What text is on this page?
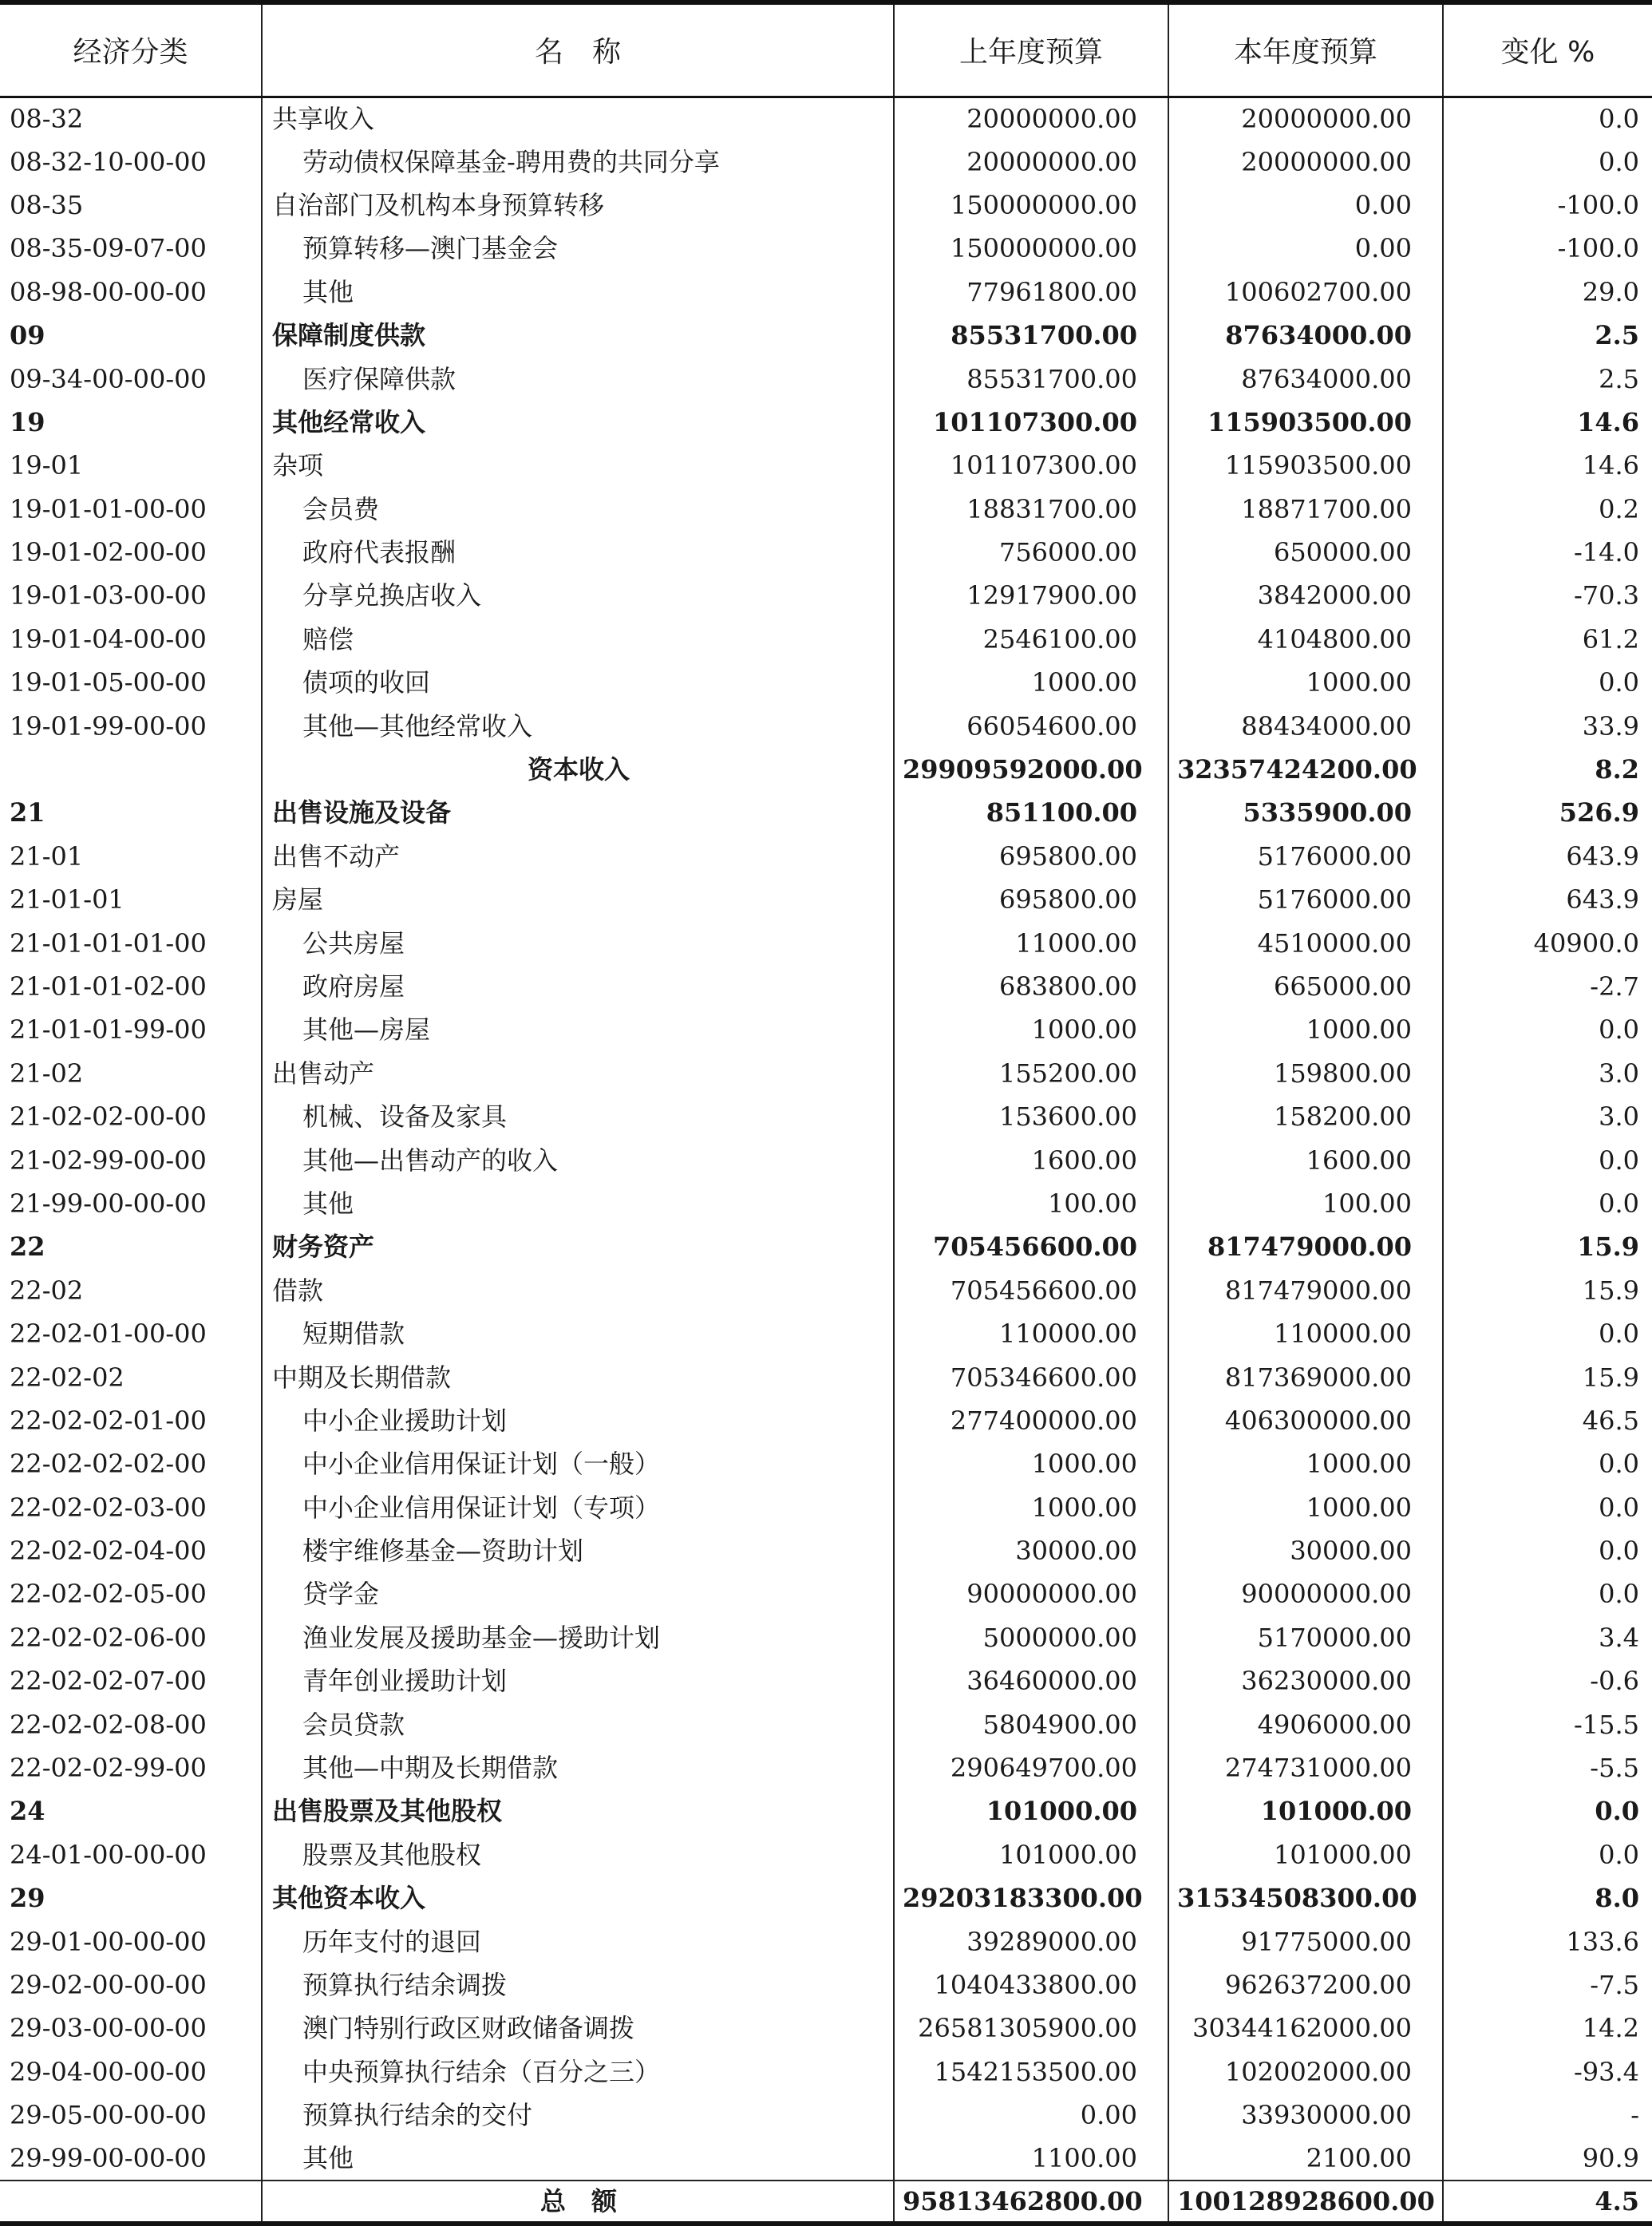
经济分类	名　称	上年度预算	本年度预算	变化 %
08-32	共享收入	20000000.00	20000000.00	0.0
08-32-10-00-00	劳动债权保障基金-聘用费的共同分享	20000000.00	20000000.00	0.0
08-35	自治部门及机构本身预算转移	150000000.00	0.00	-100.0
08-35-09-07-00	预算转移—澳门基金会	150000000.00	0.00	-100.0
08-98-00-00-00	其他	77961800.00	100602700.00	29.0
09	保障制度供款	85531700.00	87634000.00	2.5
09-34-00-00-00	医疗保障供款	85531700.00	87634000.00	2.5
19	其他经常收入	101107300.00	115903500.00	14.6
19-01	杂项	101107300.00	115903500.00	14.6
19-01-01-00-00	会员费	18831700.00	18871700.00	0.2
19-01-02-00-00	政府代表报酬	756000.00	650000.00	-14.0
19-01-03-00-00	分享兑换店收入	12917900.00	3842000.00	-70.3
19-01-04-00-00	赔偿	2546100.00	4104800.00	61.2
19-01-05-00-00	债项的收回	1000.00	1000.00	0.0
19-01-99-00-00	其他—其他经常收入	66054600.00	88434000.00	33.9
	资本收入	29909592000.00	32357424200.00	8.2
21	出售设施及设备	851100.00	5335900.00	526.9
21-01	出售不动产	695800.00	5176000.00	643.9
21-01-01	房屋	695800.00	5176000.00	643.9
21-01-01-01-00	公共房屋	11000.00	4510000.00	40900.0
21-01-01-02-00	政府房屋	683800.00	665000.00	-2.7
21-01-01-99-00	其他—房屋	1000.00	1000.00	0.0
21-02	出售动产	155200.00	159800.00	3.0
21-02-02-00-00	机械、设备及家具	153600.00	158200.00	3.0
21-02-99-00-00	其他—出售动产的收入	1600.00	1600.00	0.0
21-99-00-00-00	其他	100.00	100.00	0.0
22	财务资产	705456600.00	817479000.00	15.9
22-02	借款	705456600.00	817479000.00	15.9
22-02-01-00-00	短期借款	110000.00	110000.00	0.0
22-02-02	中期及长期借款	705346600.00	817369000.00	15.9
22-02-02-01-00	中小企业援助计划	277400000.00	406300000.00	46.5
22-02-02-02-00	中小企业信用保证计划（一般）	1000.00	1000.00	0.0
22-02-02-03-00	中小企业信用保证计划（专项）	1000.00	1000.00	0.0
22-02-02-04-00	楼宇维修基金—资助计划	30000.00	30000.00	0.0
22-02-02-05-00	贷学金	90000000.00	90000000.00	0.0
22-02-02-06-00	渔业发展及援助基金—援助计划	5000000.00	5170000.00	3.4
22-02-02-07-00	青年创业援助计划	36460000.00	36230000.00	-0.6
22-02-02-08-00	会员贷款	5804900.00	4906000.00	-15.5
22-02-02-99-00	其他—中期及长期借款	290649700.00	274731000.00	-5.5
24	出售股票及其他股权	101000.00	101000.00	0.0
24-01-00-00-00	股票及其他股权	101000.00	101000.00	0.0
29	其他资本收入	29203183300.00	31534508300.00	8.0
29-01-00-00-00	历年支付的退回	39289000.00	91775000.00	133.6
29-02-00-00-00	预算执行结余调拨	1040433800.00	962637200.00	-7.5
29-03-00-00-00	澳门特别行政区财政储备调拨	26581305900.00	30344162000.00	14.2
29-04-00-00-00	中央预算执行结余（百分之三）	1542153500.00	102002000.00	-93.4
29-05-00-00-00	预算执行结余的交付	0.00	33930000.00	-
29-99-00-00-00	其他	1100.00	2100.00	90.9
	总　额	95813462800.00	100128928600.00	4.5
